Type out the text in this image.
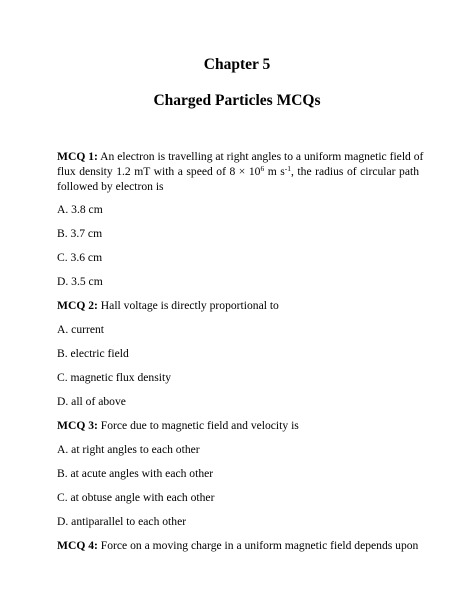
Chapter 5
Charged Particles MCQs
MCQ 1: An electron is travelling at right angles to a uniform magnetic field of
flux density 1.2 mT with a speed of $8 \times 10^6$ m $s^{-1}$, the radius of circular path
followed by electron is
A. 3.8 cm
B. 3.7 cm
C. 3.6 cm
D. 3.5 cm
MCQ 2: Hall voltage is directly proportional to
A. current
B. electric field
C. magnetic flux density
D. all of above
MCQ 3: Force due to magnetic field and velocity is
A. at right angles to each other
B. at acute angles with each other
C. at obtuse angle with each other
D. antiparallel to each other
MCQ 4: Force on a moving charge in a uniform magnetic field depends upon
